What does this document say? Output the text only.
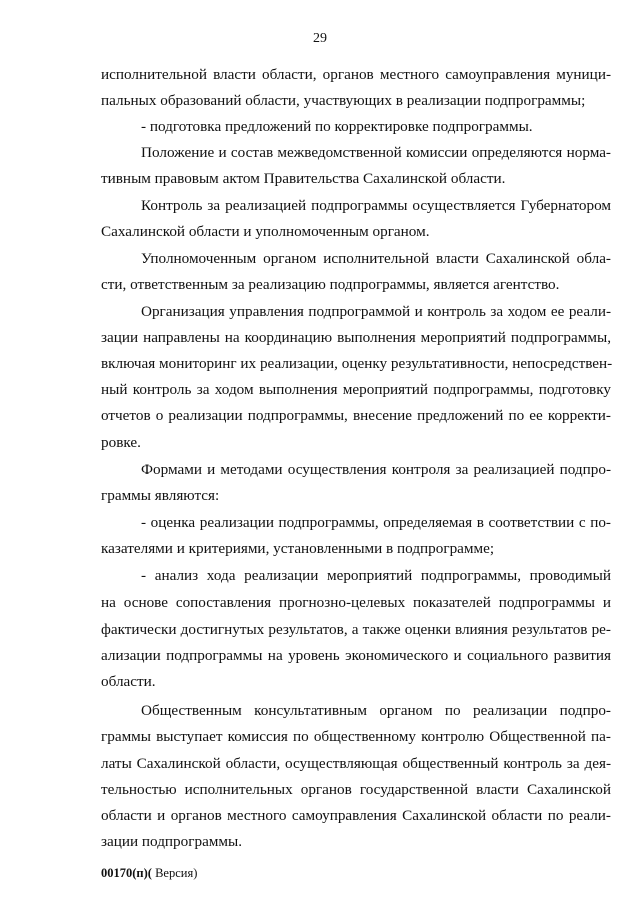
29
исполнительной власти области, органов местного самоуправления муници-
пальных образований области, участвующих в реализации подпрограммы;
- подготовка предложений по корректировке подпрограммы.
Положение и состав межведомственной комиссии определяются норма-
тивным правовым актом Правительства Сахалинской области.
Контроль за реализацией подпрограммы осуществляется Губернатором
Сахалинской области и уполномоченным органом.
Уполномоченным органом исполнительной власти Сахалинской обла-
сти, ответственным за реализацию подпрограммы, является агентство.
Организация управления подпрограммой и контроль за ходом ее реали-
зации направлены на координацию выполнения мероприятий подпрограммы,
включая мониторинг их реализации, оценку результативности, непосредствен-
ный контроль за ходом выполнения мероприятий подпрограммы, подготовку
отчетов о реализации подпрограммы, внесение предложений по ее корректи-
ровке.
Формами и методами осуществления контроля за реализацией подпро-
граммы являются:
- оценка реализации подпрограммы, определяемая в соответствии с по-
казателями и критериями, установленными в подпрограмме;
- анализ хода реализации мероприятий подпрограммы, проводимый
на основе сопоставления прогнозно-целевых показателей подпрограммы и
фактически достигнутых результатов, а также оценки влияния результатов ре-
ализации подпрограммы на уровень экономического и социального развития
области.
Общественным консультативным органом по реализации подпро-
граммы выступает комиссия по общественному контролю Общественной па-
латы Сахалинской области, осуществляющая общественный контроль за дея-
тельностью исполнительных органов государственной власти Сахалинской
области и органов местного самоуправления Сахалинской области по реали-
зации подпрограммы.
00170(п)( Версия)
